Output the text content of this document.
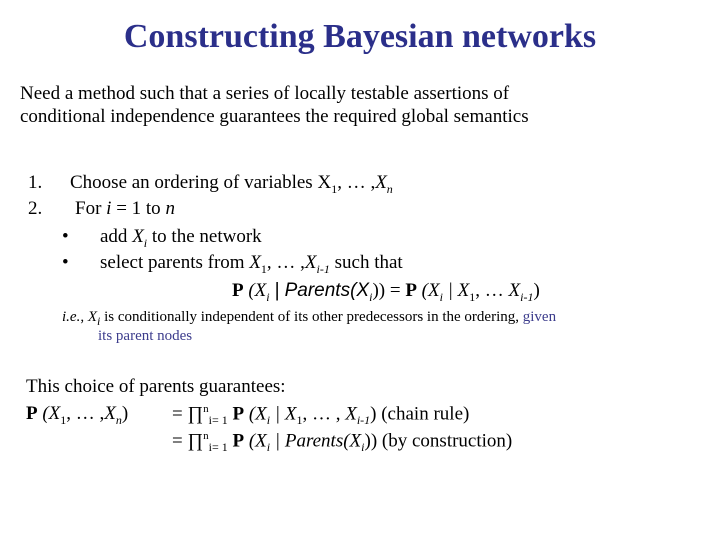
Constructing Bayesian networks
Need a method such that a series of locally testable assertions of
conditional independence guarantees the required global semantics
1. Choose an ordering of variables $X_1$, … $,X_n$
2. For i = 1 to n
• add $X_i$ to the network
• select parents from $X_1$, … $,X_{i-1}$ such that
P ($X_i$ | $Parents(X_i)) = P$ ($X_i$ | $X_1$, … $X_{i-1}$)
i.e., $X_i$ is conditionally independent of its other predecessors in the ordering, given
its parent nodes
This choice of parents guarantees:
P ($X_1$, … $,X_n$) = ∏$^n_{i= 1}$ P ($X_i$ | $X_1$, … , $X_{i-1}$) (chain rule)
= ∏$^n_{i= 1}$ P ($X_i$ | $Parents(X_i)$) (by construction)
